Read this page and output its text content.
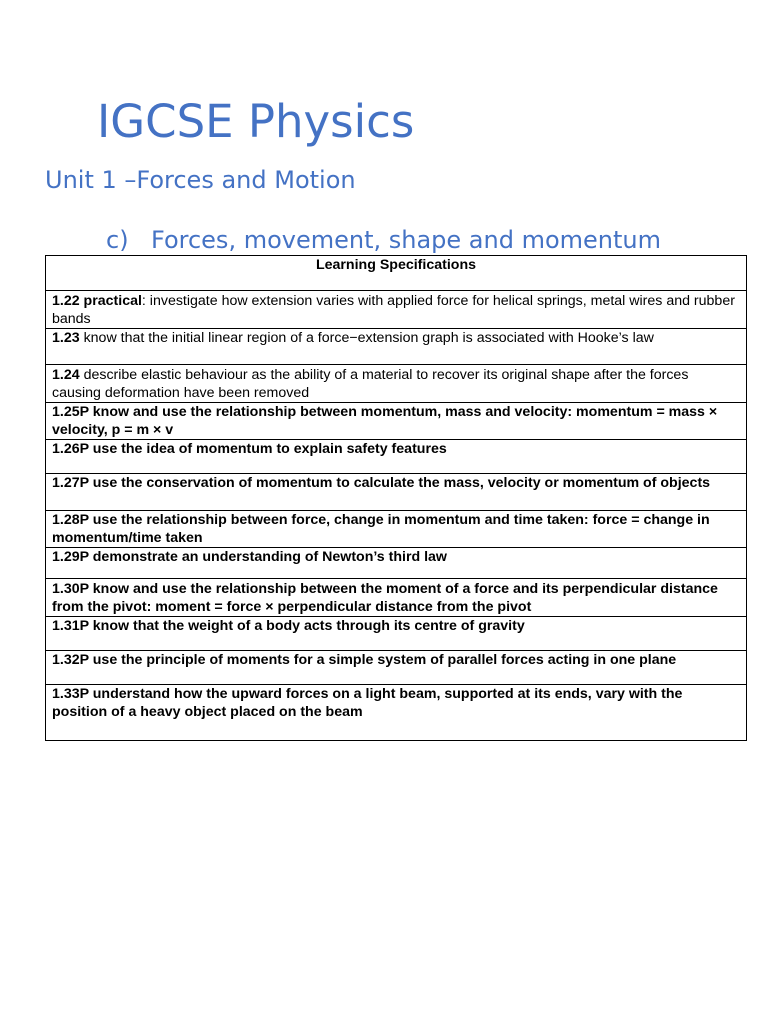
IGCSE Physics
Unit 1 –Forces and Motion
c) Forces, movement, shape and momentum
Learning Specifications
1.22 practical: investigate how extension varies with applied force for helical springs, metal wires and rubber bands
1.23 know that the initial linear region of a force−extension graph is associated with Hooke’s law
1.24 describe elastic behaviour as the ability of a material to recover its original shape after the forces causing deformation have been removed
1.25P know and use the relationship between momentum, mass and velocity: momentum = mass × velocity, p = m × v
1.26P use the idea of momentum to explain safety features
1.27P use the conservation of momentum to calculate the mass, velocity or momentum of objects
1.28P use the relationship between force, change in momentum and time taken: force = change in momentum/time taken
1.29P demonstrate an understanding of Newton’s third law
1.30P know and use the relationship between the moment of a force and its perpendicular distance from the pivot: moment = force × perpendicular distance from the pivot
1.31P know that the weight of a body acts through its centre of gravity
1.32P use the principle of moments for a simple system of parallel forces acting in one plane
1.33P understand how the upward forces on a light beam, supported at its ends, vary with the position of a heavy object placed on the beam
